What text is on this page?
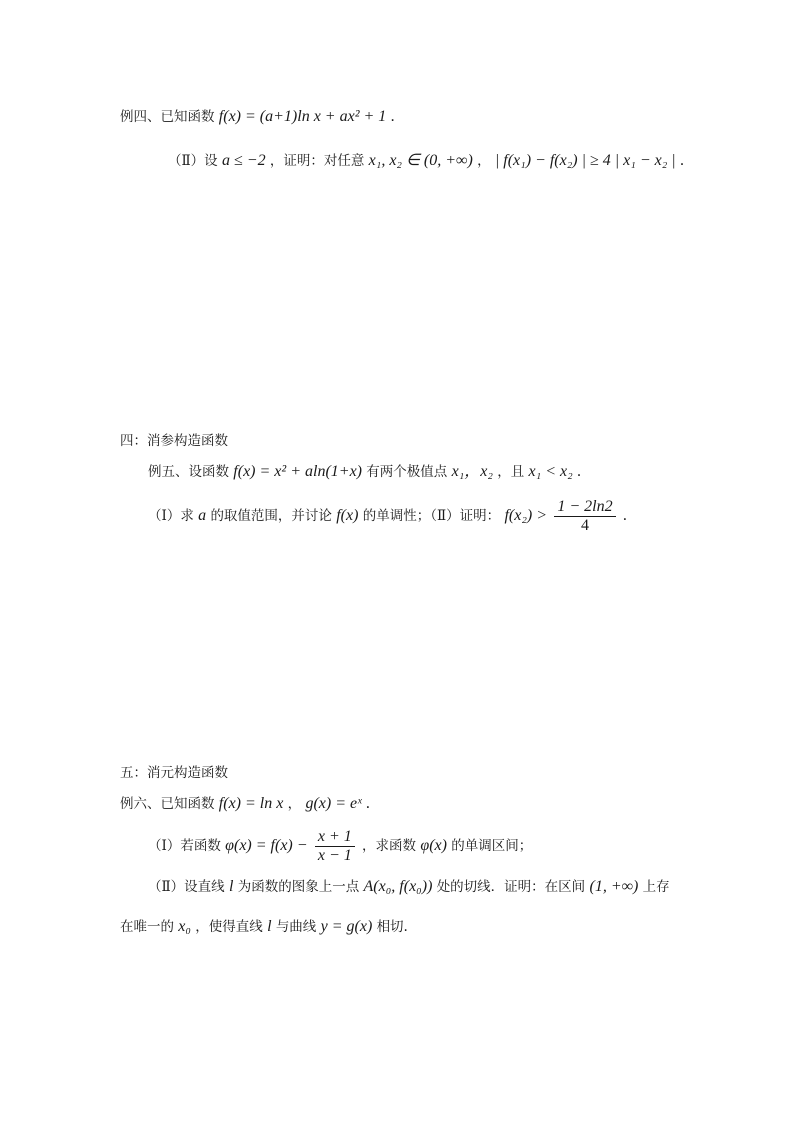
例四、已知函数 f(x) = (a+1)ln x + ax² + 1 .
（Ⅱ）设 a ≤ −2 ，证明：对任意 x₁, x₂ ∈ (0, +∞) ， | f(x₁) − f(x₂) | ≥ 4 | x₁ − x₂ | .
四：消参构造函数
例五、设函数 f(x) = x² + aln(1+x) 有两个极值点 x₁，x₂ ，且 x₁ < x₂ .
（Ⅰ）求 a 的取值范围，并讨论 f(x) 的单调性；（Ⅱ）证明： $f(x_2) > \frac{1 - 2\ln 2}{4}$ .
五：消元构造函数
例六、已知函数 f(x) = ln x ， g(x) = eˣ .
（Ⅰ）若函数 $\varphi(x) = f(x) - \frac{x + 1}{x - 1}$ ，求函数 φ(x) 的单调区间；
（Ⅱ）设直线 l 为函数的图象上一点 A(x₀, f(x₀)) 处的切线．证明：在区间 (1, +∞) 上存
在唯一的 x₀ ，使得直线 l 与曲线 y = g(x) 相切.
